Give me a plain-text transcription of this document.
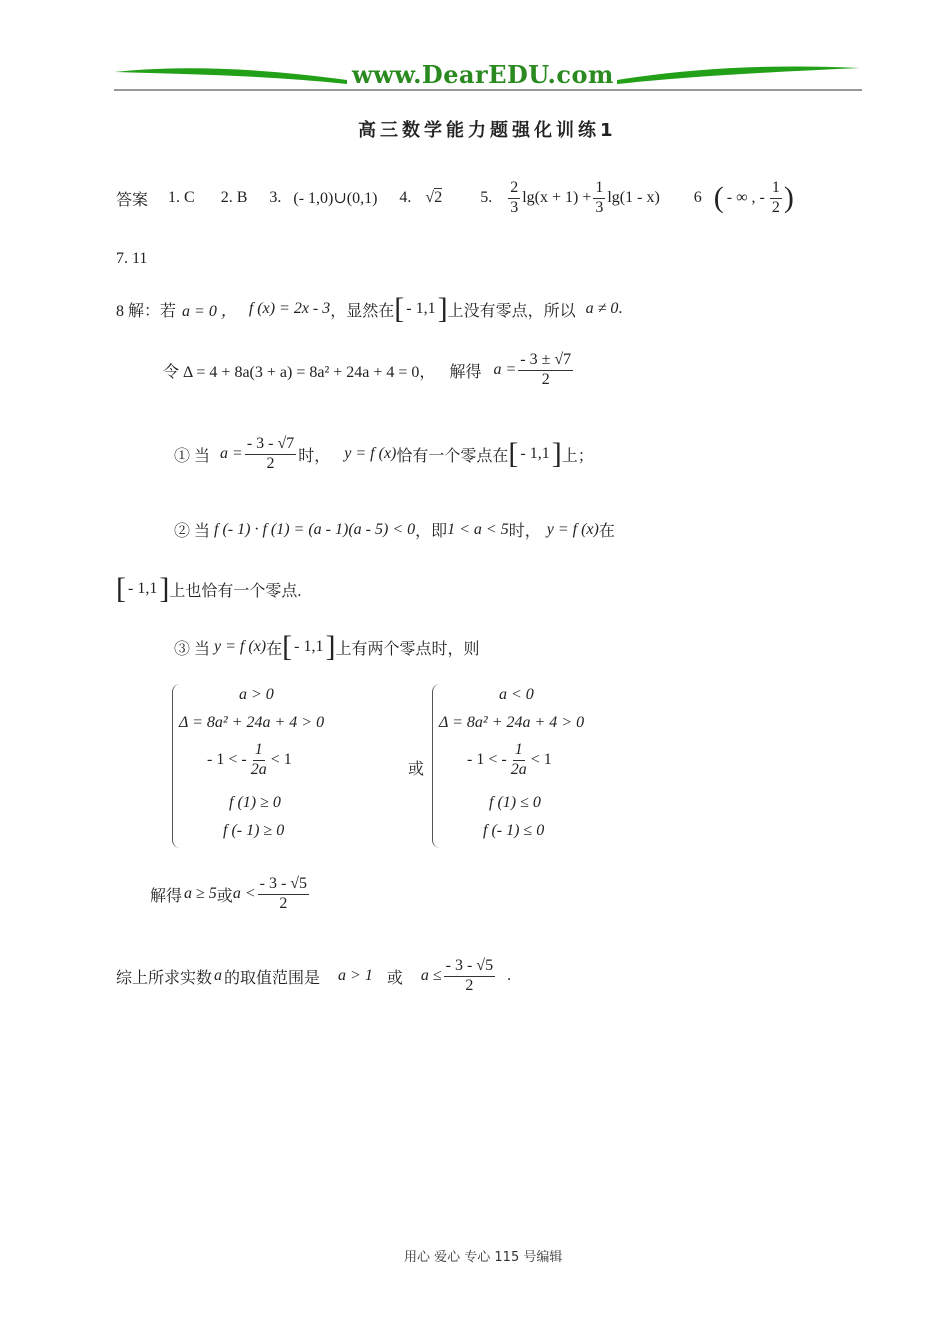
www.DearEDU.com
高三数学能力题强化训练1
答案 1. C 2. B 3. (- 1,0)∪(0,1) 4. √2 5. $\frac{2}{3} \lg(x + 1) + \frac{1}{3} \lg(1 - x)$ 6 ( - ∞ , - $\frac{1}{2}$ )
7. 11
8 解：若 a = 0 ， f (x) = 2x - 3 ，显然在 [ - 1,1 ] 上没有零点，所以 a ≠ 0 .
令 Δ = 4 + 8a(3 + a) = 8a² + 24a + 4 = 0， 解得 $a = \frac{- 3 \pm √7}{2}$
① 当 $a = \frac{- 3 - √7}{2}$ 时， y = f (x) 恰有一个零点在 [ - 1,1 ] 上；
② 当 f (- 1) · f (1) = (a - 1)(a - 5) < 0 ，即 1 < a < 5 时， y = f (x) 在
[ - 1,1 ] 上也恰有一个零点.
③ 当 y = f (x) 在 [ - 1,1 ] 上有两个零点时，则
a > 0
Δ = 8a² + 24a + 4 > 0
- 1 < - $\frac{1}{2a} < 1$
f (1) ≥ 0
f (- 1) ≥ 0
或
a < 0
Δ = 8a² + 24a + 4 > 0
- 1 < - $\frac{1}{2a} < 1$
f (1) ≤ 0
f (- 1) ≤ 0
解得 a ≥ 5 或 $a < \frac{- 3 - √5}{2}$
综上所求实数 a 的取值范围是 a > 1 或 $a \le \frac{- 3 - √5}{2}$ .
用心 爱心 专心 115 号编辑
